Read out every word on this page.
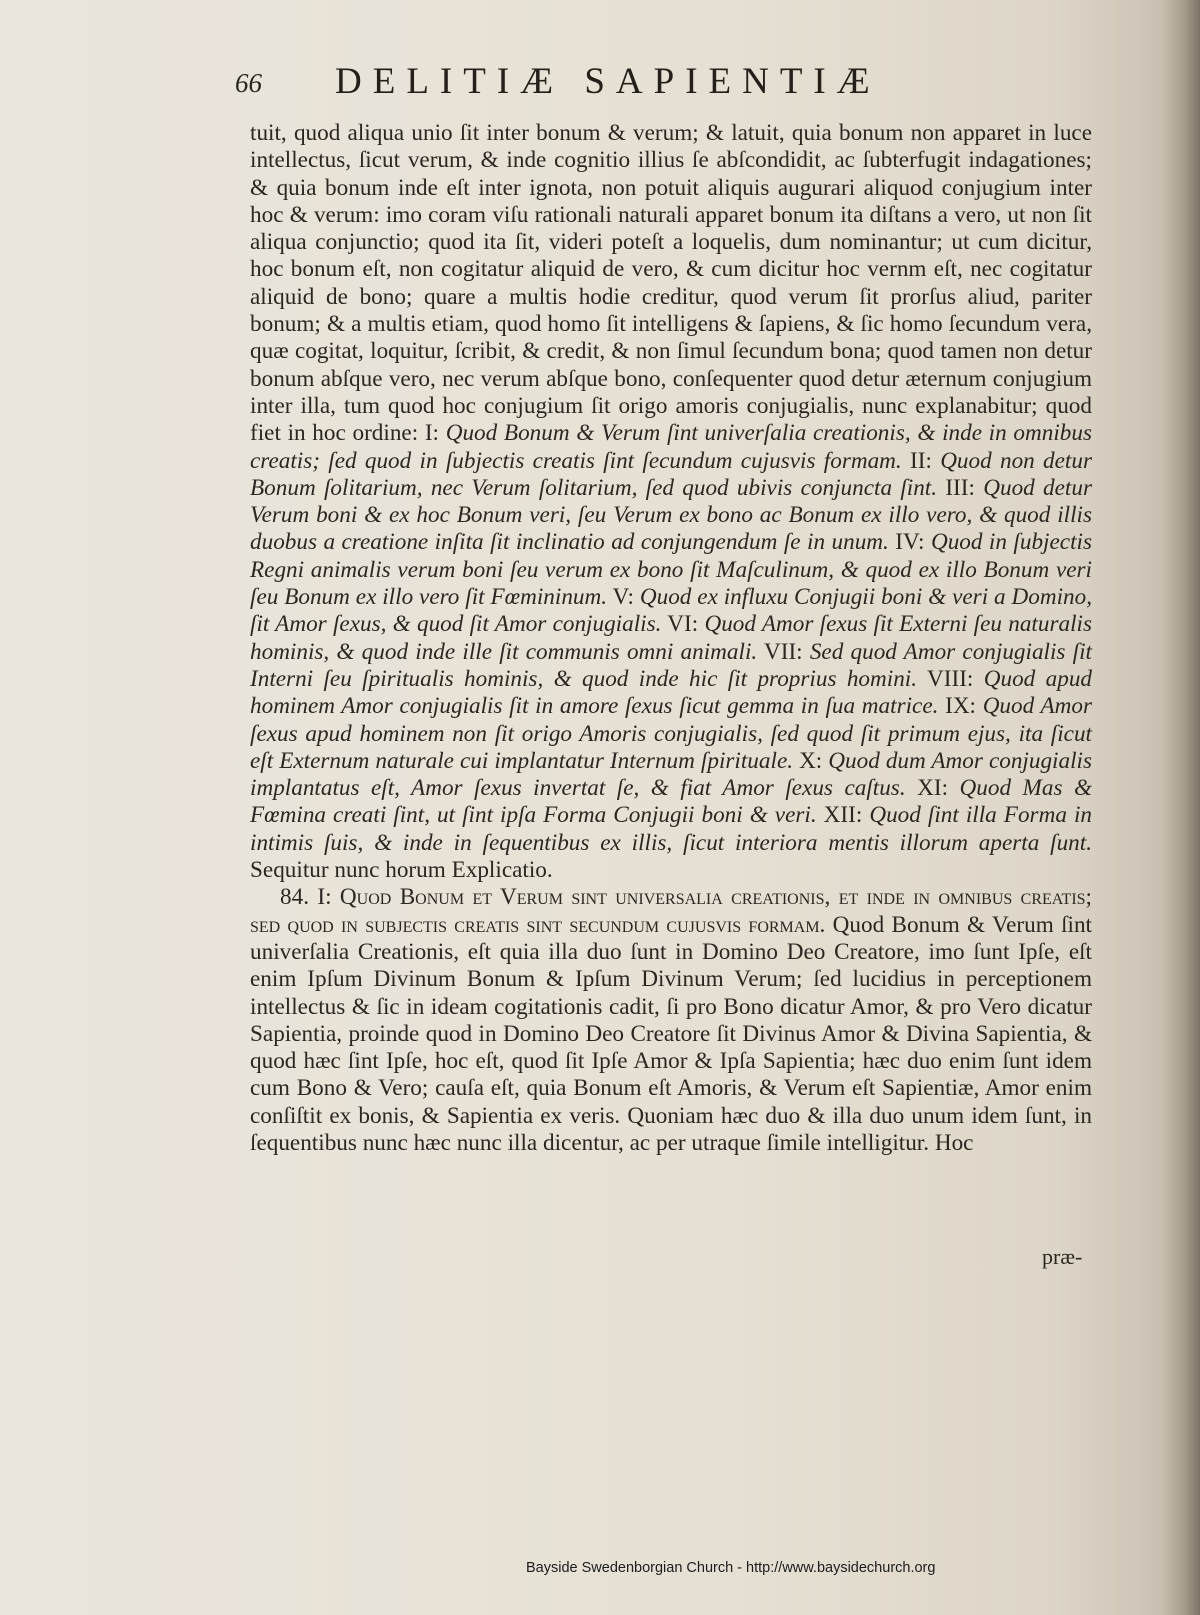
66 DELITIÆ SAPIENTIÆ

tuit, quod aliqua unio ſit inter bonum & verum; & latuit, quia bonum non apparet in luce intellectus, ſicut verum, & inde cognitio illius ſe abſcondidit, ac ſubterfugit indagationes; & quia bonum inde eſt inter ignota, non potuit aliquis augurari aliquod conjugium inter hoc & verum: imo coram viſu rationali naturali apparet bonum ita diſtans a vero, ut non ſit aliqua conjunctio; quod ita ſit, videri poteſt a loquelis, dum nominantur; ut cum dicitur, hoc bonum eſt, non cogitatur aliquid de vero, & cum dicitur hoc vernm eſt, nec cogitatur aliquid de bono; quare a multis hodie creditur, quod verum ſit prorſus aliud, pariter bonum; & a multis etiam, quod homo ſit intelligens & ſapiens, & ſic homo ſecundum vera, quæ cogitat, loquitur, ſcribit, & credit, & non ſimul ſecundum bona; quod tamen non detur bonum abſque vero, nec verum abſque bono, conſequenter quod detur æternum conjugium inter illa, tum quod hoc conjugium ſit origo amoris conjugialis, nunc explanabitur; quod fiet in hoc ordine: I: Quod Bonum & Verum ſint univerſalia creationis, & inde in omnibus creatis; ſed quod in ſubjectis creatis ſint ſecundum cujusvis formam. II: Quod non detur Bonum ſolitarium, nec Verum ſolitarium, ſed quod ubivis conjuncta ſint. III: Quod detur Verum boni & ex hoc Bonum veri, ſeu Verum ex bono ac Bonum ex illo vero, & quod illis duobus a creatione inſita ſit inclinatio ad conjungendum ſe in unum. IV: Quod in ſubjectis Regni animalis verum boni ſeu verum ex bono ſit Maſculinum, & quod ex illo Bonum veri ſeu Bonum ex illo vero ſit Fœmininum. V: Quod ex influxu Conjugii boni & veri a Domino, ſit Amor ſexus, & quod ſit Amor conjugialis. VI: Quod Amor ſexus ſit Externi ſeu naturalis hominis, & quod inde ille ſit communis omni animali. VII: Sed quod Amor conjugialis ſit Interni ſeu ſpiritualis hominis, & quod inde hic ſit proprius homini. VIII: Quod apud hominem Amor conjugialis ſit in amore ſexus ſicut gemma in ſua matrice. IX: Quod Amor ſexus apud hominem non ſit origo Amoris conjugialis, ſed quod ſit primum ejus, ita ſicut eſt Externum naturale cui implantatur Internum ſpirituale. X: Quod dum Amor conjugialis implantatus eſt, Amor ſexus invertat ſe, & fiat Amor ſexus caſtus. XI: Quod Mas & Fœmina creati ſint, ut ſint ipſa Forma Conjugii boni & veri. XII: Quod ſint illa Forma in intimis ſuis, & inde in ſequentibus ex illis, ſicut interiora mentis illorum aperta ſunt. Sequitur nunc horum Explicatio.

84. I: Quod Bonum et Verum sint universalia creationis, et inde in omnibus creatis; sed quod in subjectis creatis sint secundum cujusvis formam. Quod Bonum & Verum ſint univerſalia Creationis, eſt quia illa duo ſunt in Domino Deo Creatore, imo ſunt Ipſe, eſt enim Ipſum Divinum Bonum & Ipſum Divinum Verum; ſed lucidius in perceptionem intellectus & ſic in ideam cogitationis cadit, ſi pro Bono dicatur Amor, & pro Vero dicatur Sapientia, proinde quod in Domino Deo Creatore ſit Divinus Amor & Divina Sapientia, & quod hæc ſint Ipſe, hoc eſt, quod ſit Ipſe Amor & Ipſa Sapientia; hæc duo enim ſunt idem cum Bono & Vero; cauſa eſt, quia Bonum eſt Amoris, & Verum eſt Sapientiæ, Amor enim conſiſtit ex bonis, & Sapientia ex veris. Quoniam hæc duo & illa duo unum idem ſunt, in ſequentibus nunc hæc nunc illa dicentur, ac per utraque ſimile intelligitur. Hoc

præ-
Bayside Swedenborgian Church - http://www.baysidechurch.org
